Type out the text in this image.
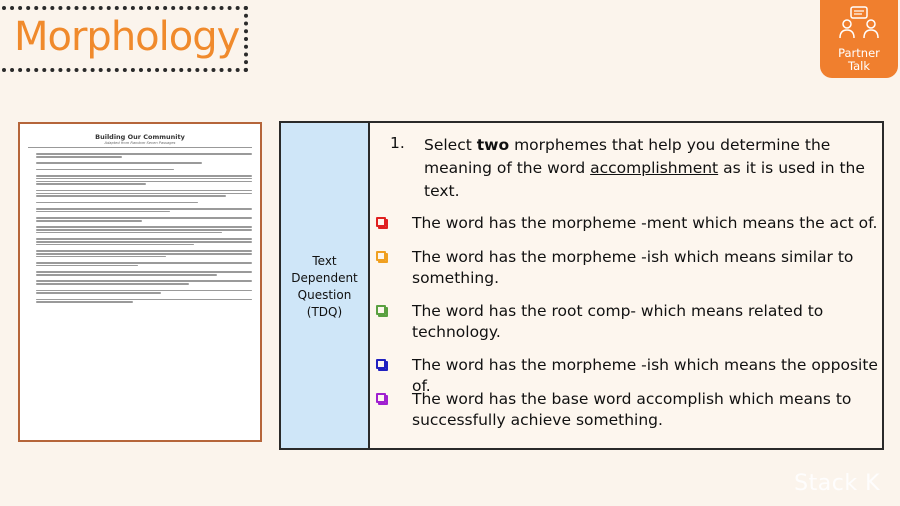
Morphology	Partner
Talk
Building Our Community
Adapted from Random Seven Passages
Text
Dependent
Question
(TDQ)
1. Select two morphemes that help you determine the meaning of the word accomplishment as it is used in the text.
The word has the morpheme -ment which means the act of.
The word has the morpheme -ish which means similar to something.
The word has the root comp- which means related to technology.
The word has the morpheme -ish which means the opposite of.
The word has the base word accomplish which means to successfully achieve something.
Stack K
